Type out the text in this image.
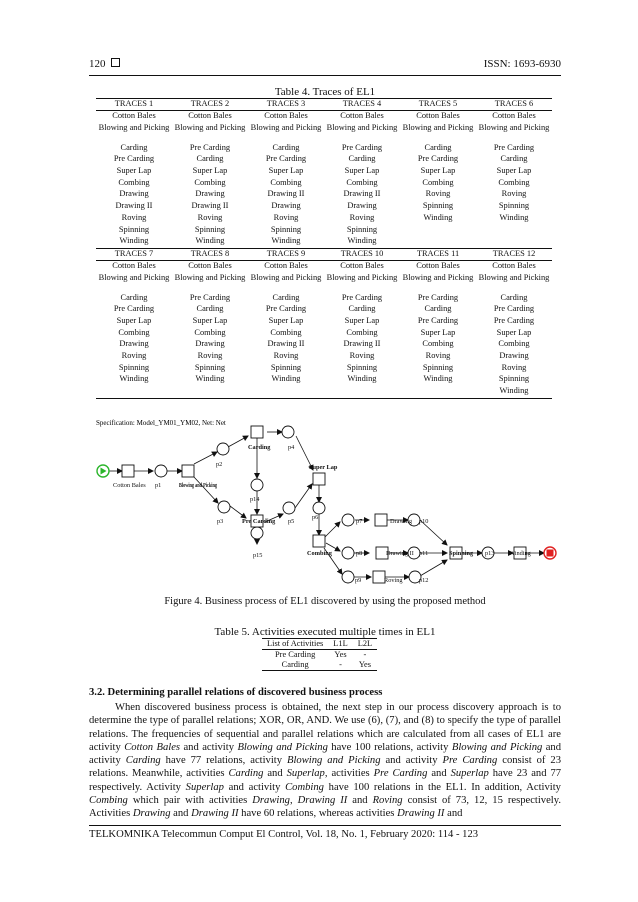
120	ISSN: 1693-6930
Table 4. Traces of EL1
TRACES 1	TRACES 2	TRACES 3	TRACES 4	TRACES 5	TRACES 6
Cotton Bales	Cotton Bales	Cotton Bales	Cotton Bales	Cotton Bales	Cotton Bales
Blowing and Picking	Blowing and Picking	Blowing and Picking	Blowing and Picking	Blowing and Picking	Blowing and Picking
Carding	Pre Carding	Carding	Pre Carding	Carding	Pre Carding
Pre Carding	Carding	Pre Carding	Carding	Pre Carding	Carding
Super Lap	Super Lap	Super Lap	Super Lap	Super Lap	Super Lap
Combing	Combing	Combing	Combing	Combing	Combing
Drawing	Drawing	Drawing II	Drawing II	Roving	Roving
Drawing II	Drawing II	Drawing	Drawing	Spinning	Spinning
Roving	Roving	Roving	Roving	Winding	Winding
Spinning	Spinning	Spinning	Spinning		
Winding	Winding	Winding	Winding		
TRACES 7	TRACES 8	TRACES 9	TRACES 10	TRACES 11	TRACES 12
Cotton Bales	Cotton Bales	Cotton Bales	Cotton Bales	Cotton Bales	Cotton Bales
Blowing and Picking	Blowing and Picking	Blowing and Picking	Blowing and Picking	Blowing and Picking	Blowing and Picking
Carding	Pre Carding	Carding	Pre Carding	Pre Carding	Carding
Pre Carding	Carding	Pre Carding	Carding	Carding	Pre Carding
Super Lap	Super Lap	Super Lap	Super Lap	Pre Carding	Pre Carding
Combing	Combing	Combing	Combing	Super Lap	Super Lap
Drawing	Drawing	Drawing II	Drawing II	Combing	Combing
Roving	Roving	Roving	Roving	Roving	Drawing
Spinning	Spinning	Spinning	Spinning	Spinning	Roving
Winding	Winding	Winding	Winding	Winding	Spinning
					Winding
Specification: Model_YM01_YM02, Net: Net
Cotton Bales p1	Blowing and Picking
p2
Carding	p4
p14
p3	Pre Carding p5
p15
Super Lap
p6
Combing
p7
p8
p9
Drawing
Drawing II
Roving
p10
p11
p12
Spinning p13 Winding
Figure 4. Business process of EL1 discovered by using the proposed method
Table 5. Activities executed multiple times in EL1
List of Activities	L1L	L2L
Pre Carding	Yes	-
Carding	-	Yes
3.2. Determining parallel relations of discovered business process

When discovered business process is obtained, the next step in our process discovery approach is to determine the type of parallel relations; XOR, OR, AND. We use (6), (7), and (8) to specify the type of parallel relations. The frequencies of sequential and parallel relations which are calculated from all cases of EL1 are activity Cotton Bales and activity Blowing and Picking have 100 relations, activity Blowing and Picking and activity Carding have 77 relations, activity Blowing and Picking and activity Pre Carding consist of 23 relations. Meanwhile, activities Carding and Superlap, activities Pre Carding and Superlap have 23 and 77 respectively. Activity Superlap and activity Combing have 100 relations in the EL1. In addition, Activity Combing which pair with activities Drawing, Drawing II and Roving consist of 73, 12, 15 respectively. Activities Drawing and Drawing II have 60 relations, whereas activities Drawing II and

TELKOMNIKA Telecommun Comput El Control, Vol. 18, No. 1, February 2020: 114 - 123
